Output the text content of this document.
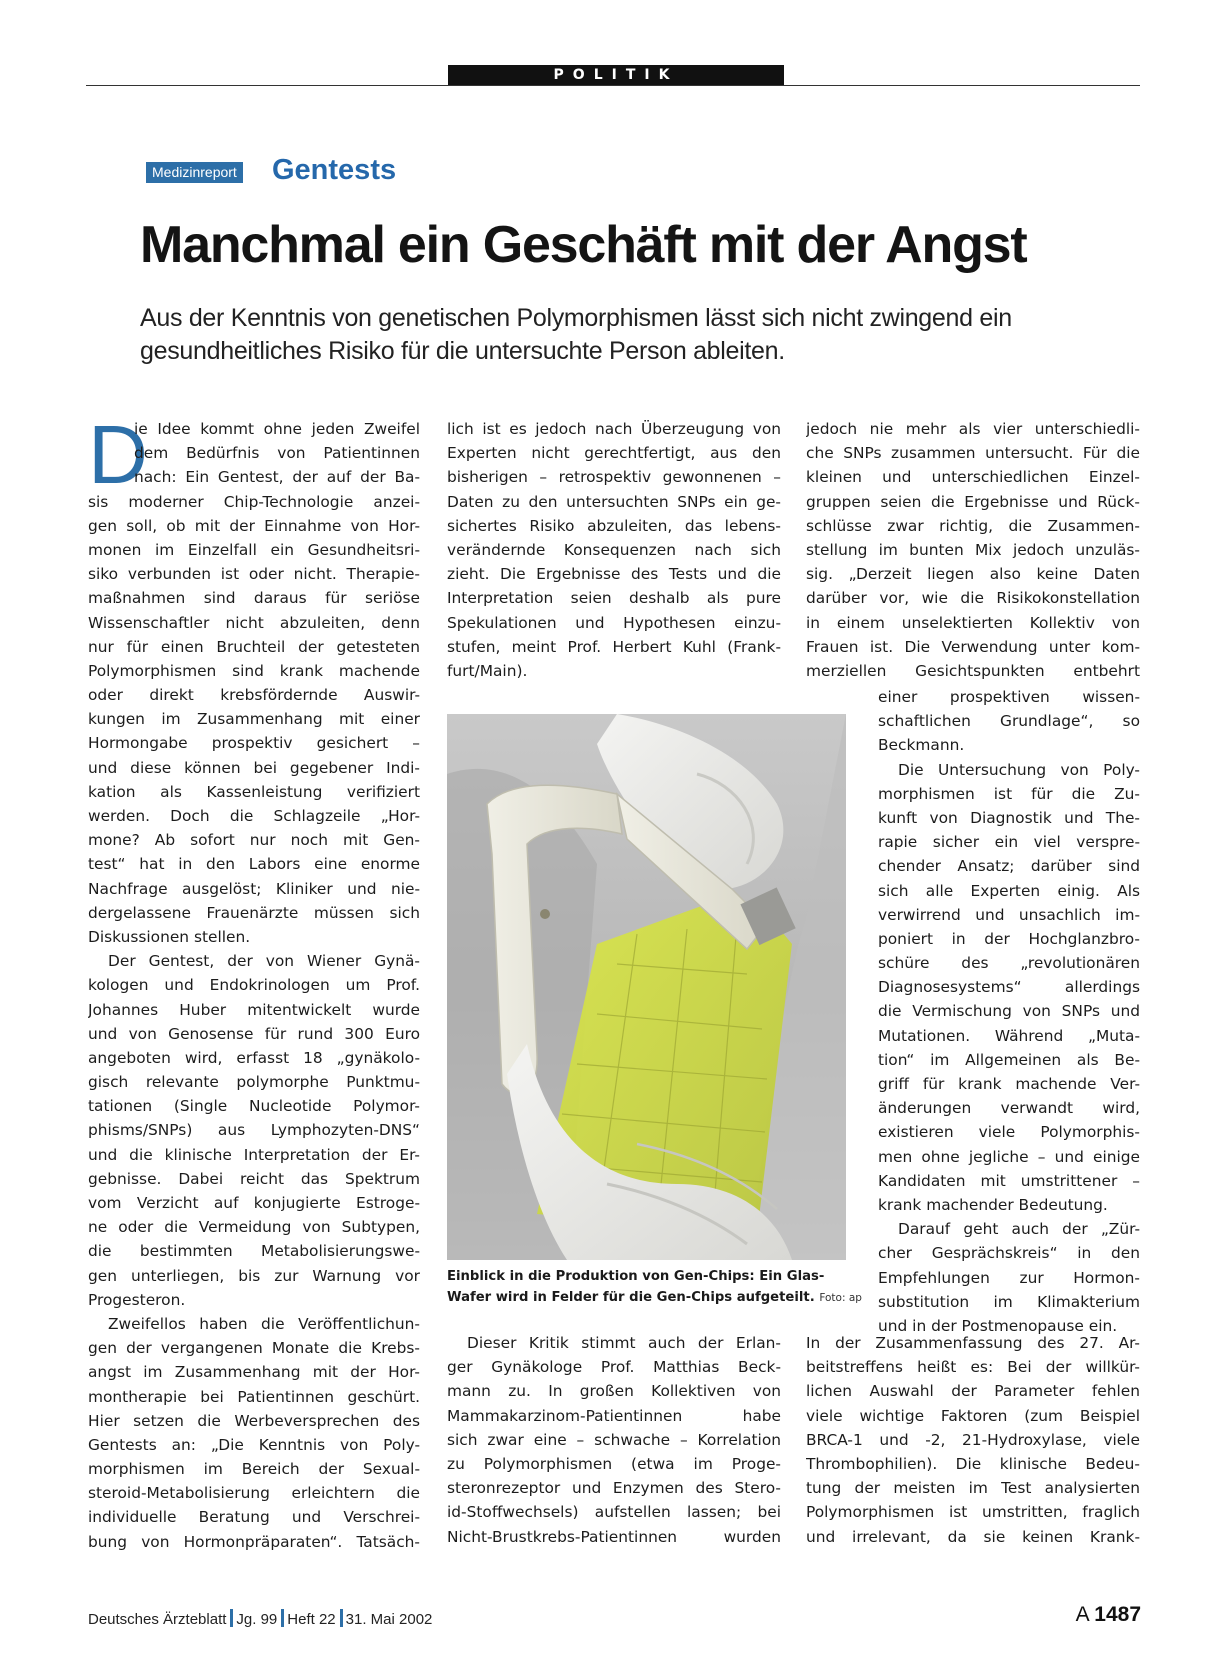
POLITIK
Medizinreport Gentests
Manchmal ein Geschäft mit der Angst
Aus der Kenntnis von genetischen Polymorphismen lässt sich nicht zwingend ein
gesundheitliches Risiko für die untersuchte Person ableiten.
D
ie Idee kommt ohne jeden Zweifel
dem Bedürfnis von Patientinnen
nach: Ein Gentest, der auf der Ba-
sis moderner Chip-Technologie anzei-
gen soll, ob mit der Einnahme von Hor-
monen im Einzelfall ein Gesundheitsri-
siko verbunden ist oder nicht. Therapie-
maßnahmen sind daraus für seriöse
Wissenschaftler nicht abzuleiten, denn
nur für einen Bruchteil der getesteten
Polymorphismen sind krank machende
oder direkt krebsfördernde Auswir-
kungen im Zusammenhang mit einer
Hormongabe prospektiv gesichert –
und diese können bei gegebener Indi-
kation als Kassenleistung verifiziert
werden. Doch die Schlagzeile „Hor-
mone? Ab sofort nur noch mit Gen-
test“ hat in den Labors eine enorme
Nachfrage ausgelöst; Kliniker und nie-
dergelassene Frauenärzte müssen sich
Diskussionen stellen.
Der Gentest, der von Wiener Gynä-
kologen und Endokrinologen um Prof.
Johannes Huber mitentwickelt wurde
und von Genosense für rund 300 Euro
angeboten wird, erfasst 18 „gynäkolo-
gisch relevante polymorphe Punktmu-
tationen (Single Nucleotide Polymor-
phisms/SNPs) aus Lymphozyten-DNS“
und die klinische Interpretation der Er-
gebnisse. Dabei reicht das Spektrum
vom Verzicht auf konjugierte Estroge-
ne oder die Vermeidung von Subtypen,
die bestimmten Metabolisierungswe-
gen unterliegen, bis zur Warnung vor
Progesteron.
Zweifellos haben die Veröffentlichun-
gen der vergangenen Monate die Krebs-
angst im Zusammenhang mit der Hor-
montherapie bei Patientinnen geschürt.
Hier setzen die Werbeversprechen des
Gentests an: „Die Kenntnis von Poly-
morphismen im Bereich der Sexual-
steroid-Metabolisierung erleichtern die
individuelle Beratung und Verschrei-
bung von Hormonpräparaten“. Tatsäch-
lich ist es jedoch nach Überzeugung von
Experten nicht gerechtfertigt, aus den
bisherigen – retrospektiv gewonnenen –
Daten zu den untersuchten SNPs ein ge-
sichertes Risiko abzuleiten, das lebens-
verändernde Konsequenzen nach sich
zieht. Die Ergebnisse des Tests und die
Interpretation seien deshalb als pure
Spekulationen und Hypothesen einzu-
stufen, meint Prof. Herbert Kuhl (Frank-
furt/Main).
Einblick in die Produktion von Gen-Chips: Ein Glas-
Wafer wird in Felder für die Gen-Chips aufgeteilt. Foto: ap
Dieser Kritik stimmt auch der Erlan-
ger Gynäkologe Prof. Matthias Beck-
mann zu. In großen Kollektiven von
Mammakarzinom-Patientinnen habe
sich zwar eine – schwache – Korrelation
zu Polymorphismen (etwa im Proge-
steronrezeptor und Enzymen des Stero-
id-Stoffwechsels) aufstellen lassen; bei
Nicht-Brustkrebs-Patientinnen wurden
jedoch nie mehr als vier unterschiedli-
che SNPs zusammen untersucht. Für die
kleinen und unterschiedlichen Einzel-
gruppen seien die Ergebnisse und Rück-
schlüsse zwar richtig, die Zusammen-
stellung im bunten Mix jedoch unzuläs-
sig. „Derzeit liegen also keine Daten
darüber vor, wie die Risikokonstellation
in einem unselektierten Kollektiv von
Frauen ist. Die Verwendung unter kom-
merziellen Gesichtspunkten entbehrt
einer prospektiven wissen-
schaftlichen Grundlage“, so
Beckmann.
Die Untersuchung von Poly-
morphismen ist für die Zu-
kunft von Diagnostik und The-
rapie sicher ein viel verspre-
chender Ansatz; darüber sind
sich alle Experten einig. Als
verwirrend und unsachlich im-
poniert in der Hochglanzbro-
schüre des „revolutionären
Diagnosesystems“ allerdings
die Vermischung von SNPs und
Mutationen. Während „Muta-
tion“ im Allgemeinen als Be-
griff für krank machende Ver-
änderungen verwandt wird,
existieren viele Polymorphis-
men ohne jegliche – und einige
Kandidaten mit umstrittener –
krank machender Bedeutung.
Darauf geht auch der „Zür-
cher Gesprächskreis“ in den
Empfehlungen zur Hormon-
substitution im Klimakterium
und in der Postmenopause ein.
In der Zusammenfassung des 27. Ar-
beitstreffens heißt es: Bei der willkür-
lichen Auswahl der Parameter fehlen
viele wichtige Faktoren (zum Beispiel
BRCA-1 und -2, 21-Hydroxylase, viele
Thrombophilien). Die klinische Bedeu-
tung der meisten im Test analysierten
Polymorphismen ist umstritten, fraglich
und irrelevant, da sie keinen Krank-
Deutsches Ärzteblatt Jg. 99 Heft 22 31. Mai 2002	A 1487
